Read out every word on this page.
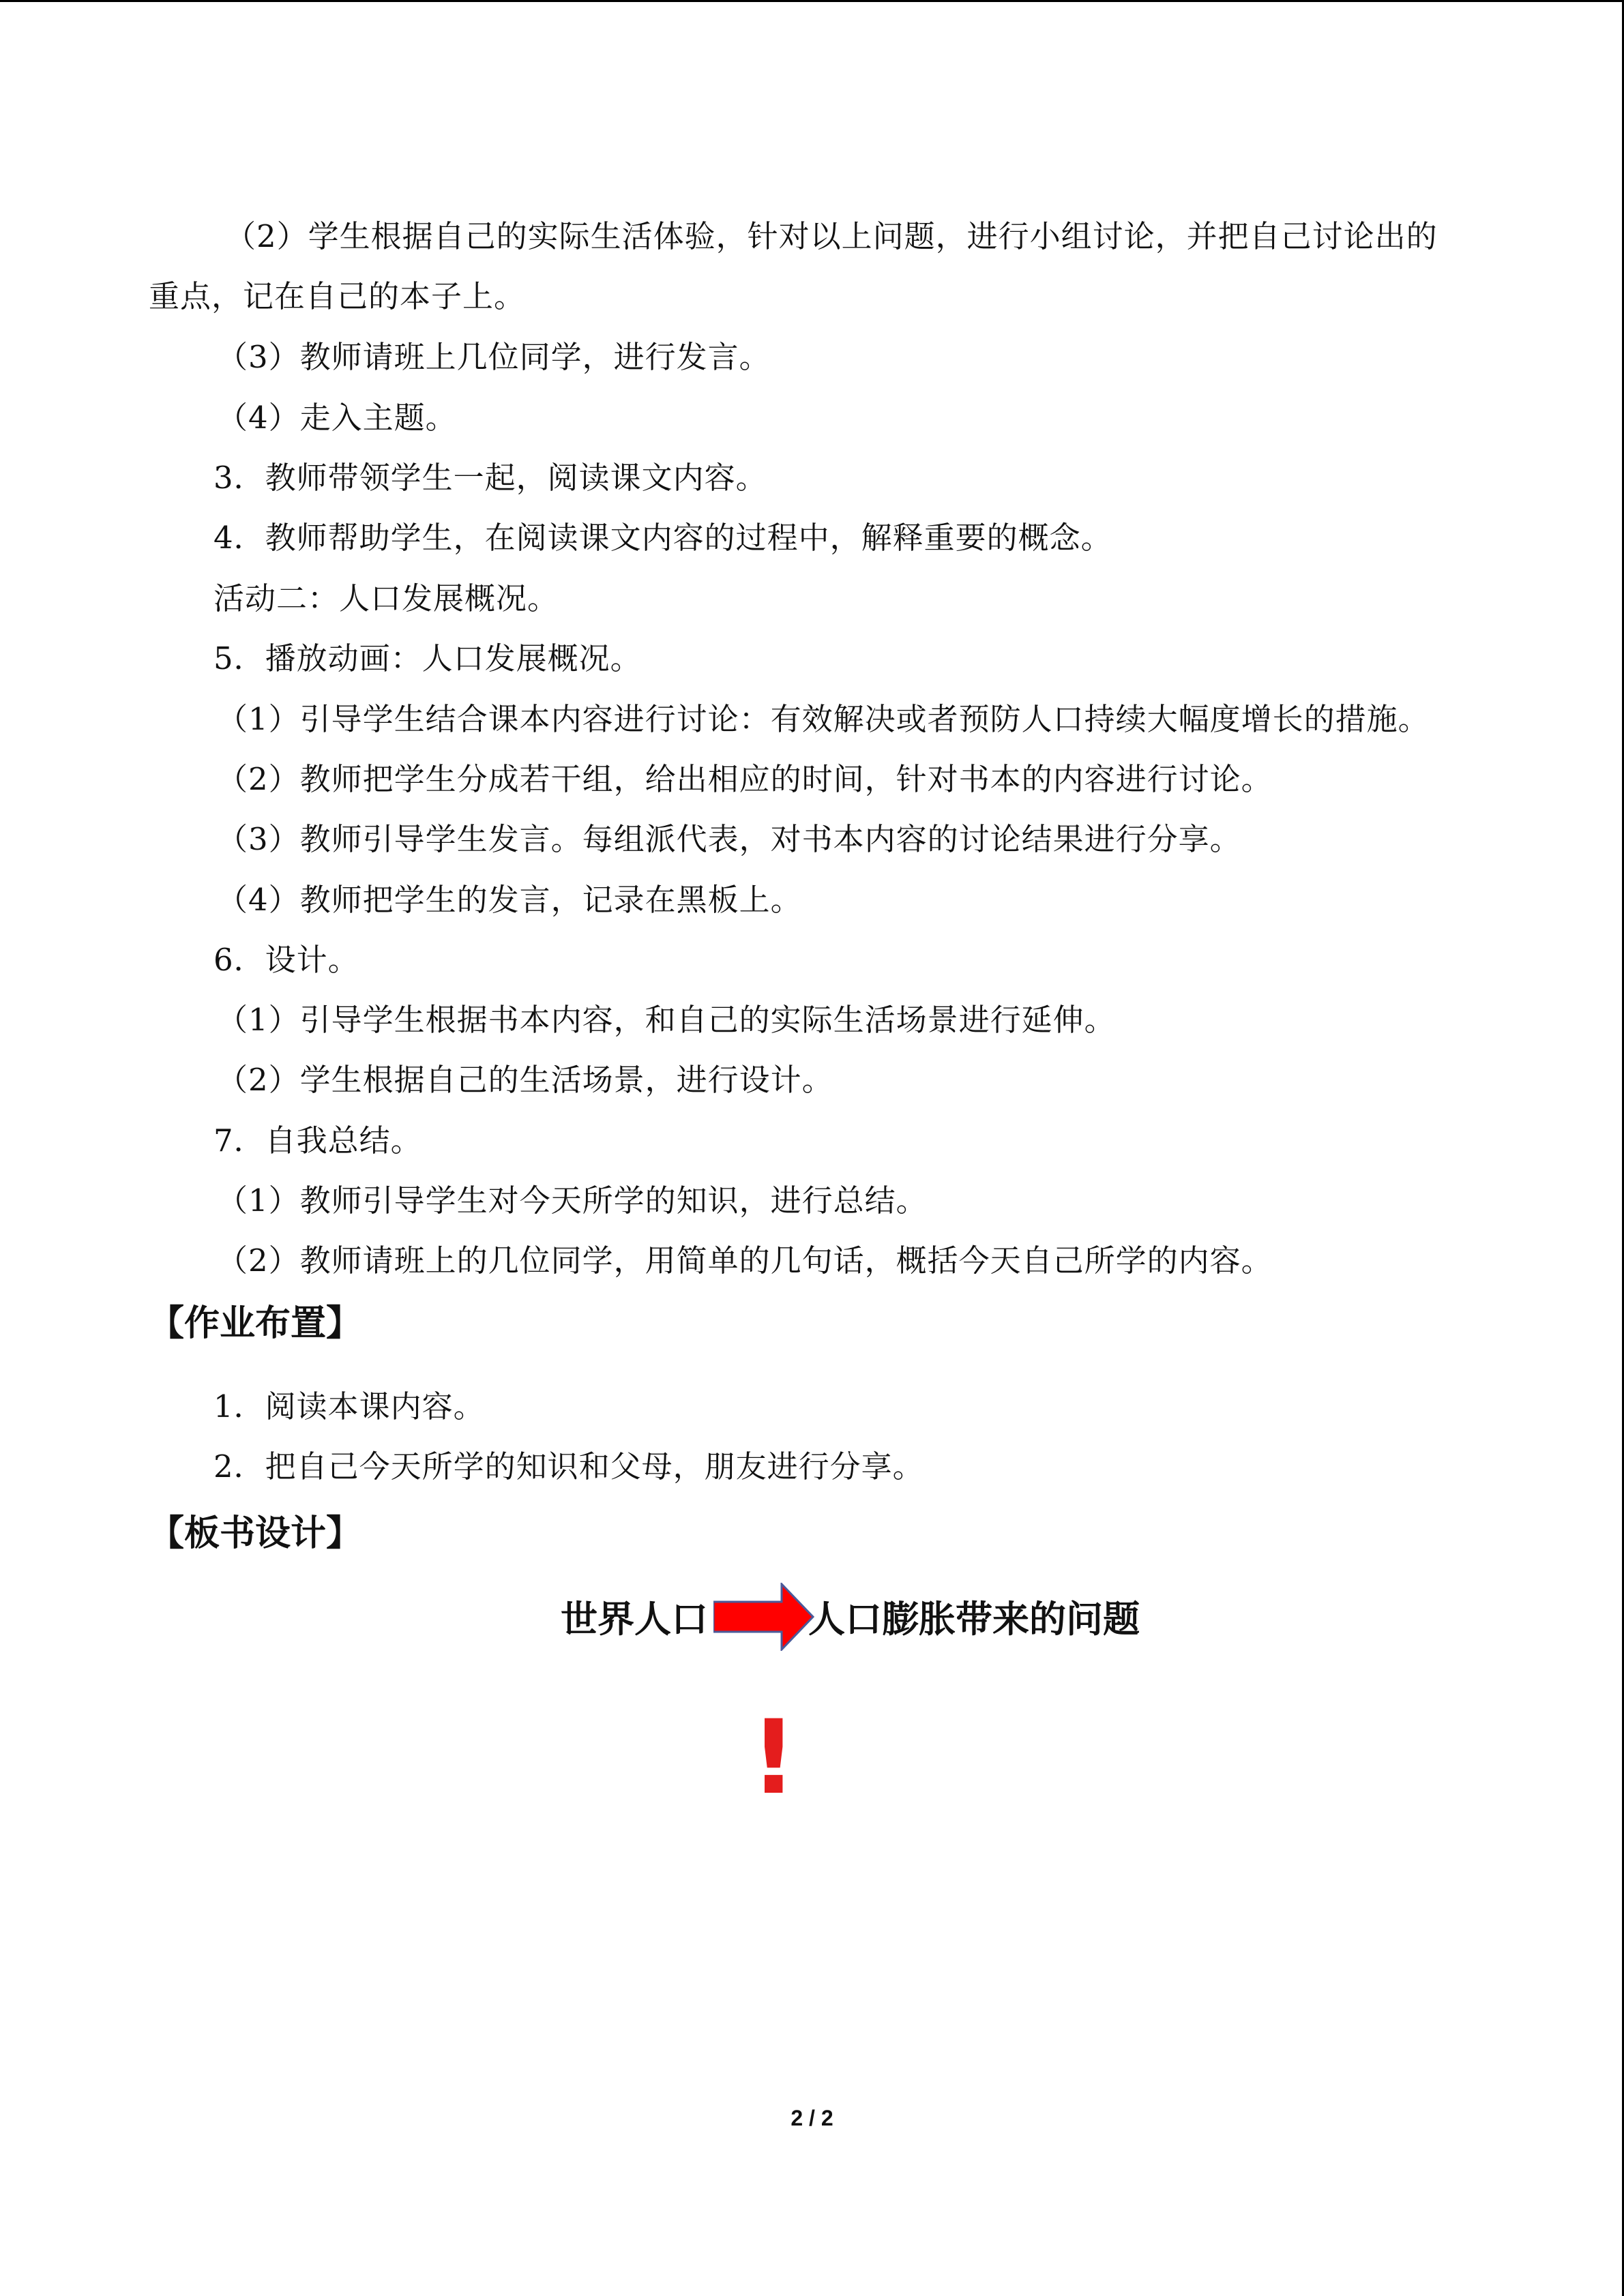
（2）学生根据自己的实际生活体验，针对以上问题，进行小组讨论，并把自己讨论出的
重点，记在自己的本子上。
（3）教师请班上几位同学，进行发言。
（4）走入主题。
3．教师带领学生一起，阅读课文内容。
4．教师帮助学生，在阅读课文内容的过程中，解释重要的概念。
活动二：人口发展概况。
5．播放动画：人口发展概况。
（1）引导学生结合课本内容进行讨论：有效解决或者预防人口持续大幅度增长的措施。
（2）教师把学生分成若干组，给出相应的时间，针对书本的内容进行讨论。
（3）教师引导学生发言。每组派代表，对书本内容的讨论结果进行分享。
（4）教师把学生的发言，记录在黑板上。
6．设计。
（1）引导学生根据书本内容，和自己的实际生活场景进行延伸。
（2）学生根据自己的生活场景，进行设计。
7．自我总结。
（1）教师引导学生对今天所学的知识，进行总结。
（2）教师请班上的几位同学，用简单的几句话，概括今天自己所学的内容。
【作业布置】
1．阅读本课内容。
2．把自己今天所学的知识和父母，朋友进行分享。
【板书设计】
世界人口	人口膨胀带来的问题
!
2 / 2
